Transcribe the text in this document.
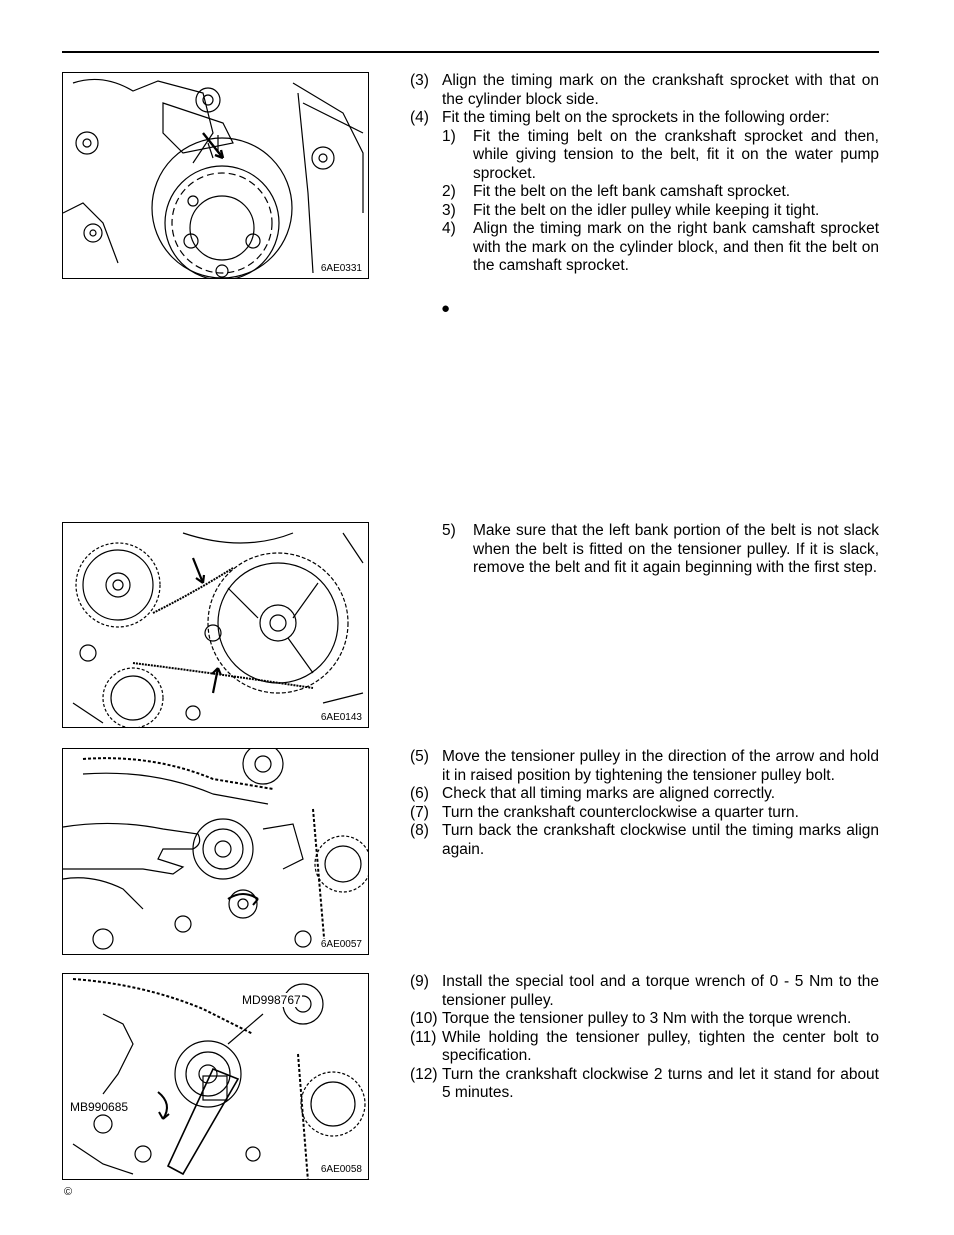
6AE0331
6AE0143
6AE0057
MD998767
MB990685
6AE0058
(3) Align the timing mark on the crankshaft sprocket with that on the cylinder block side.
(4) Fit the timing belt on the sprockets in the following order:
1)	Fit the timing belt on the crankshaft sprocket and then, while giving tension to the belt, fit it on the water pump sprocket.
2)	Fit the belt on the left bank camshaft sprocket.
3)	Fit the belt on the idler pulley while keeping it tight.
4)	Align the timing mark on the right bank camshaft sprocket with the mark on the cylinder block, and then fit the belt on the camshaft sprocket.
●
5)	Make sure that the left bank portion of the belt is not slack when the belt is fitted on the tensioner pulley. If it is slack, remove the belt and fit it again beginning with the first step.
(5) Move the tensioner pulley in the direction of the arrow and hold it in raised position by tightening the tensioner pulley bolt.
(6) Check that all timing marks are aligned correctly.
(7) Turn the crankshaft counterclockwise a quarter turn.
(8) Turn back the crankshaft clockwise until the timing marks align again.
(9) Install the special tool and a torque wrench of 0 - 5 Nm to the tensioner pulley.
(10) Torque the tensioner pulley to 3 Nm with the torque wrench.
(11) While holding the tensioner pulley, tighten the center bolt to specification.
(12) Turn the crankshaft clockwise 2 turns and let it stand for about 5 minutes.
©
